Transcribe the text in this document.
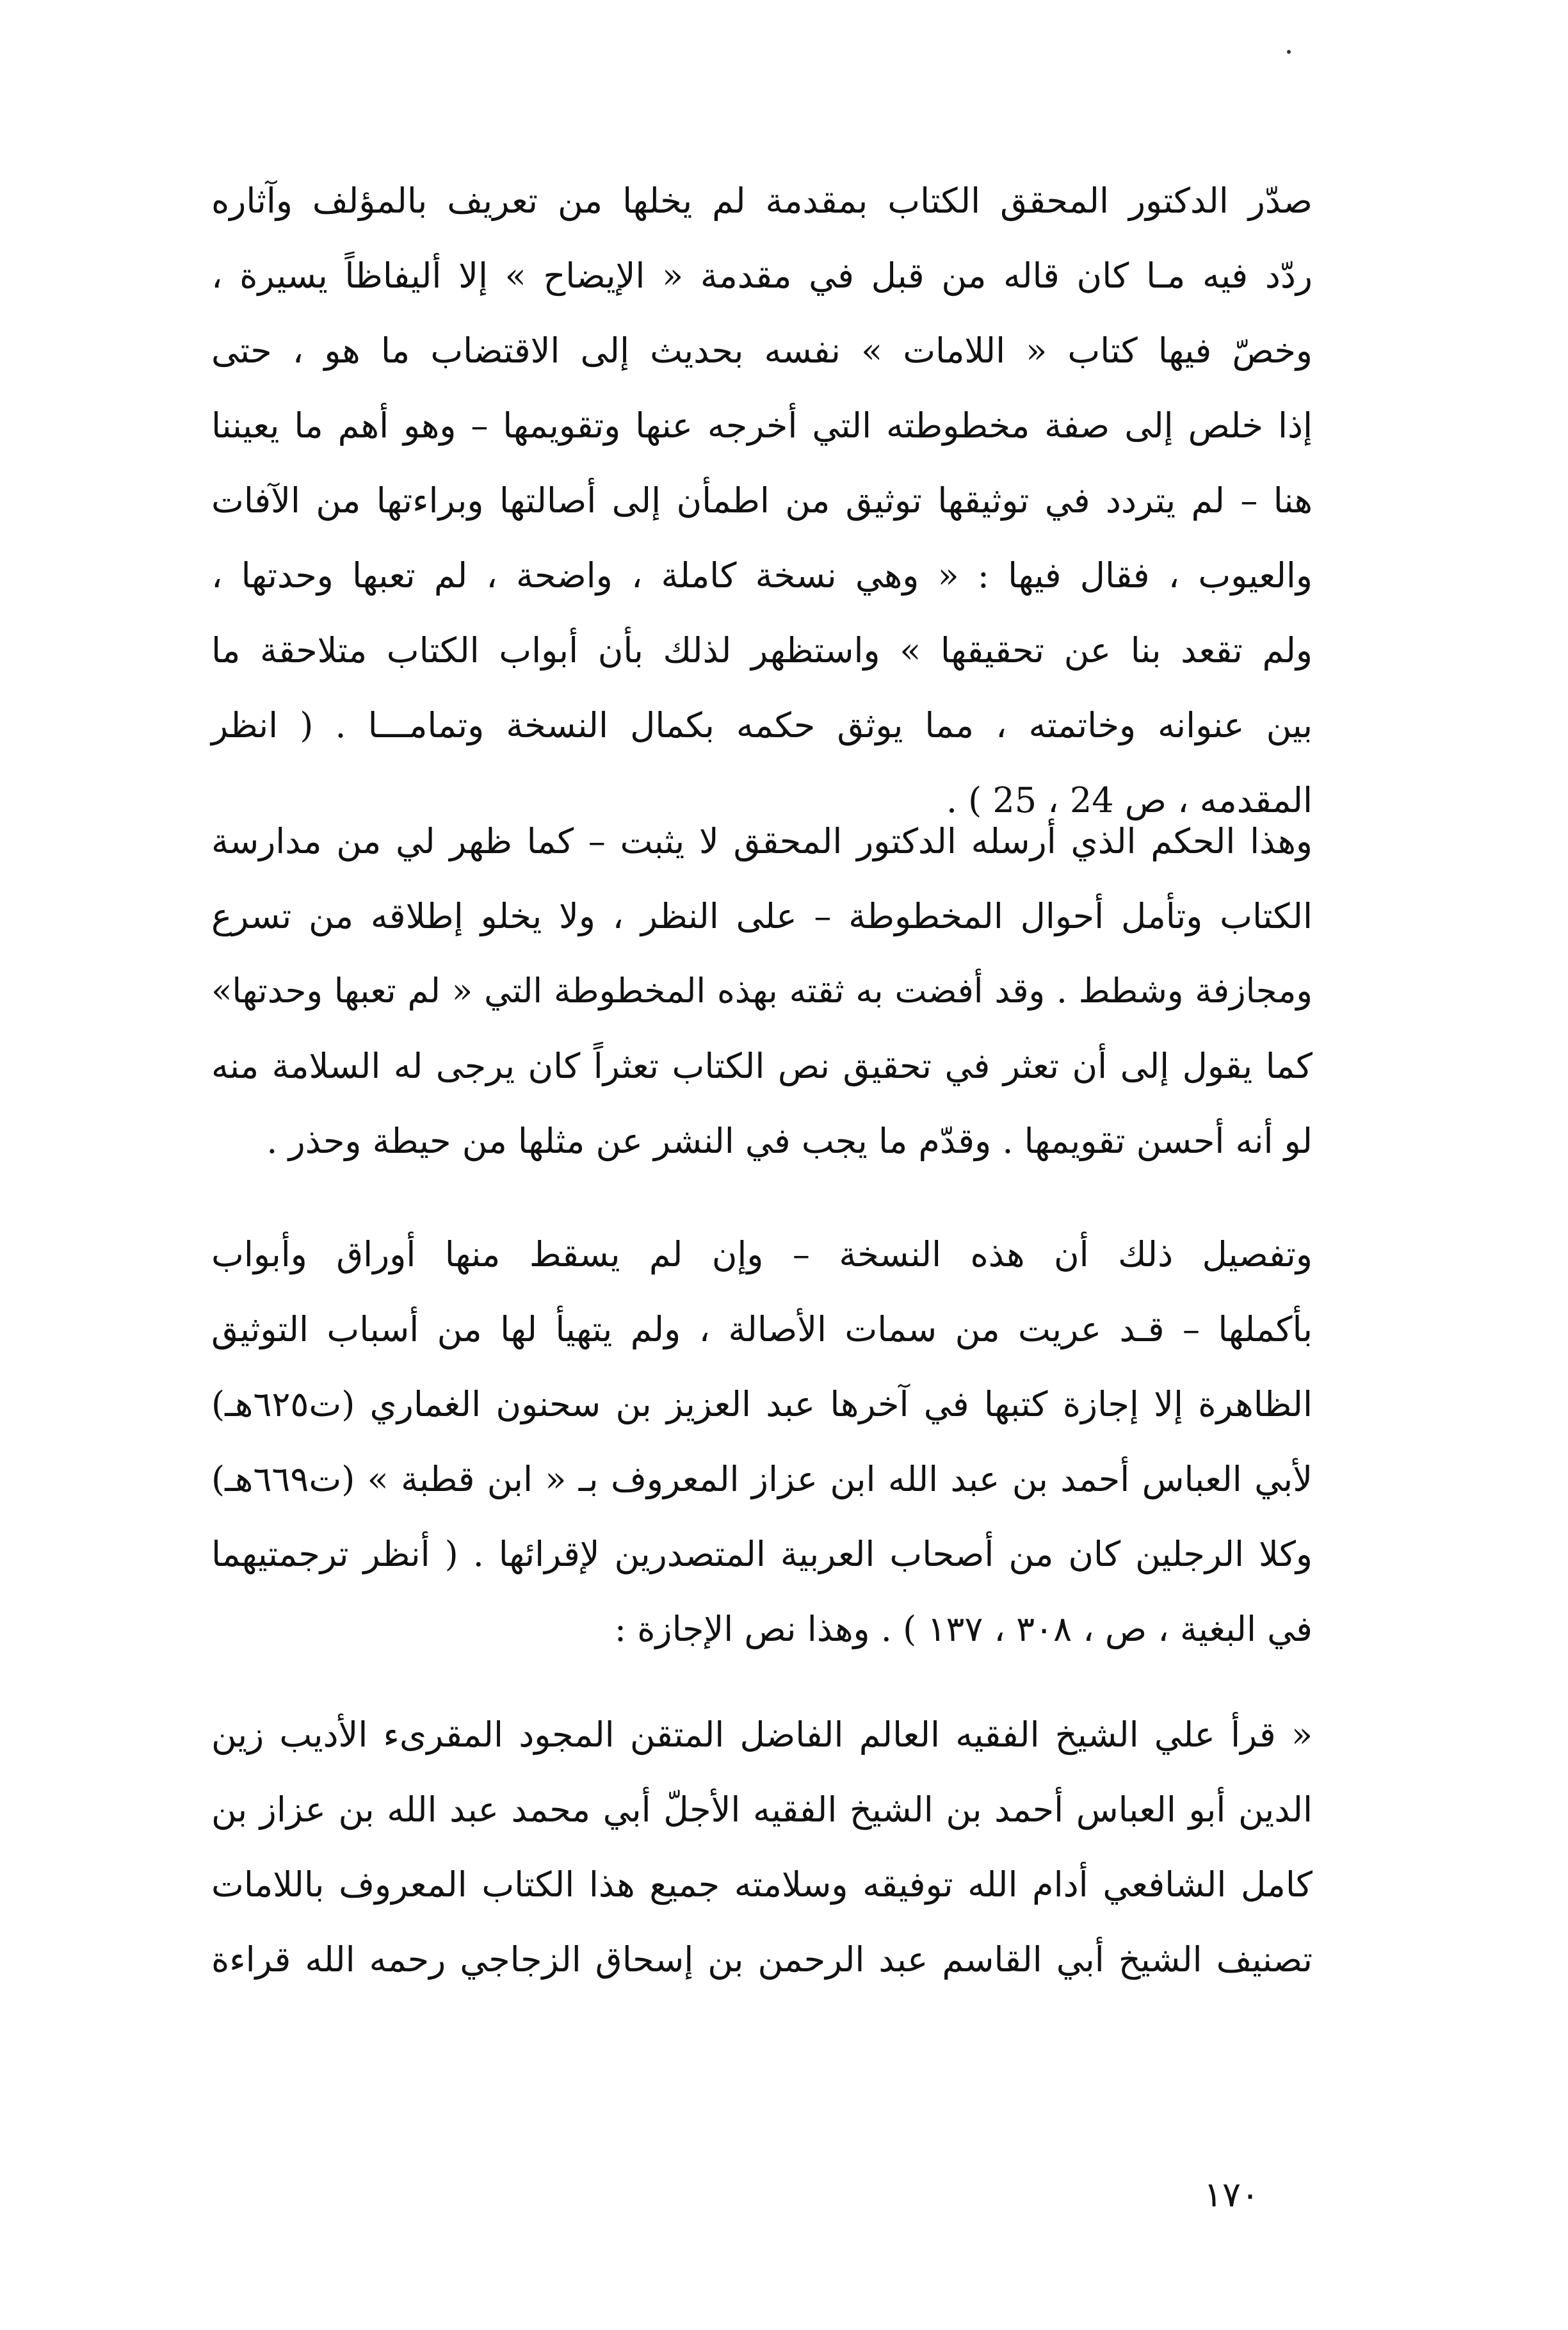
صدّر الدكتور المحقق الكتاب بمقدمة لم يخلها من تعريف بالمؤلف وآثاره
ردّد فيه مـا كان قاله من قبل في مقدمة « الإيضاح » إلا أليفاظاً يسيرة ،
وخصّ فيها كتاب « اللامات » نفسه بحديث إلى الاقتضاب ما هو ، حتى
إذا خلص إلى صفة مخطوطته التي أخرجه عنها وتقويمها – وهو أهم ما يعيننا
هنا – لم يتردد في توثيقها توثيق من اطمأن إلى أصالتها وبراءتها من الآفات
والعيوب ، فقال فيها : « وهي نسخة كاملة ، واضحة ، لم تعبها وحدتها ،
ولم تقعد بنا عن تحقيقها » واستظهر لذلك بأن أبواب الكتاب متلاحقة ما
بين عنوانه وخاتمته ، مما يوثق حكمه بكمال النسخة وتمامـــا . ( انظر
المقدمه ، ص 24 ، 25 ) .
وهذا الحكم الذي أرسله الدكتور المحقق لا يثبت – كما ظهر لي من مدارسة
الكتاب وتأمل أحوال المخطوطة – على النظر ، ولا يخلو إطلاقه من تسرع
ومجازفة وشطط . وقد أفضت به ثقته بهذه المخطوطة التي « لم تعبها وحدتها»
كما يقول إلى أن تعثر في تحقيق نص الكتاب تعثراً كان يرجى له السلامة منه
لو أنه أحسن تقويمها . وقدّم ما يجب في النشر عن مثلها من حيطة وحذر .
وتفصيل ذلك أن هذه النسخة – وإن لم يسقط منها أوراق وأبواب
بأكملها – قـد عريت من سمات الأصالة ، ولم يتهيأ لها من أسباب التوثيق
الظاهرة إلا إجازة كتبها في آخرها عبد العزيز بن سحنون الغماري (ت٦٢٥هـ)
لأبي العباس أحمد بن عبد الله ابن عزاز المعروف بـ « ابن قطبة » (ت٦٦٩هـ)
وكلا الرجلين كان من أصحاب العربية المتصدرين لإقرائها . ( أنظر ترجمتيهما
في البغية ، ص ، ٣٠٨ ، ١٣٧ ) . وهذا نص الإجازة :
« قرأ علي الشيخ الفقيه العالم الفاضل المتقن المجود المقرىء الأديب زين
الدين أبو العباس أحمد بن الشيخ الفقيه الأجلّ أبي محمد عبد الله بن عزاز بن
كامل الشافعي أدام الله توفيقه وسلامته جميع هذا الكتاب المعروف باللامات
تصنيف الشيخ أبي القاسم عبد الرحمن بن إسحاق الزجاجي رحمه الله قراءة
١٧٠
